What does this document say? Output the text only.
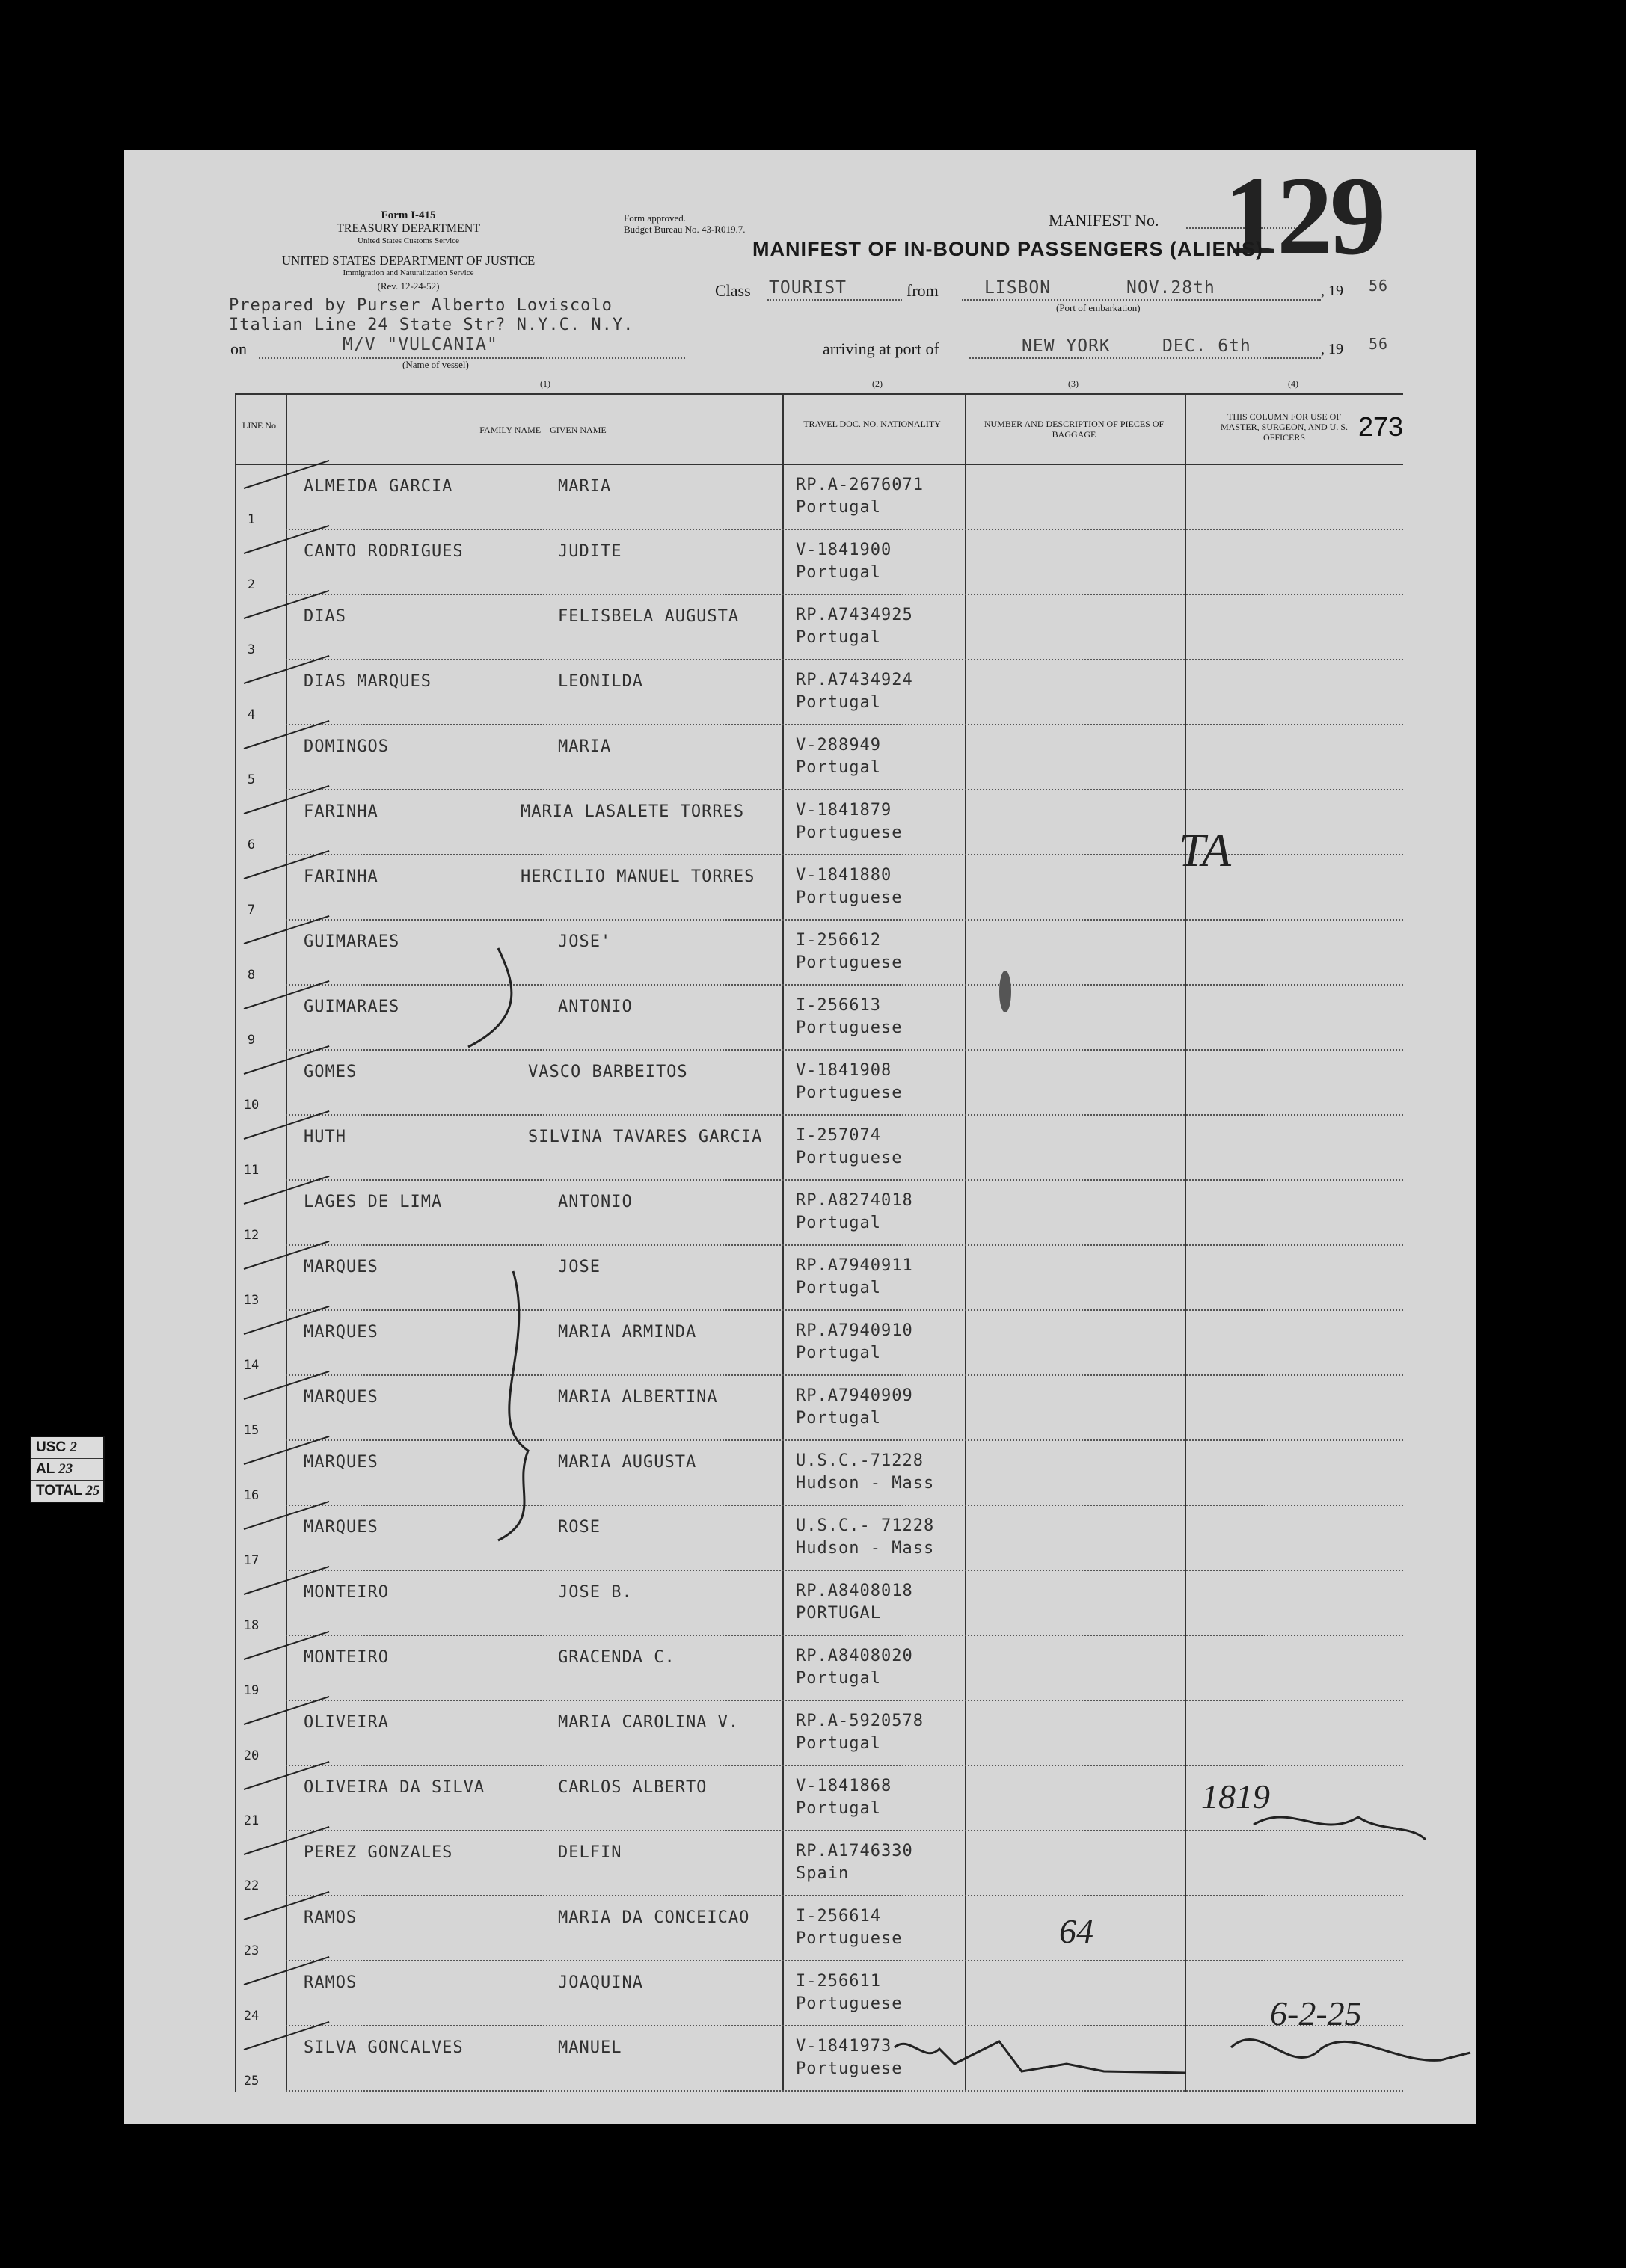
Form I-415
TREASURY DEPARTMENT
United States Customs Service
UNITED STATES DEPARTMENT OF JUSTICE
Immigration and Naturalization Service
(Rev. 12-24-52)
Form approved.
Budget Bureau No. 43-R019.7.	MANIFEST No. 129
MANIFEST OF IN-BOUND PASSENGERS (ALIENS)
Class TOURIST	from	LISBON	NOV.28th	, 19 56
(Port of embarkation)
Prepared by Purser Alberto Loviscolo
Italian Line 24 State Str? N.Y.C. N.Y.
on	M/V "VULCANIA"
(Name of vessel)
arriving at port of	NEW YORK	DEC. 6th	, 19 56
(1)	(2)	(3)	(4)
LINE No.	FAMILY NAME—GIVEN NAME
TRAVEL DOC. NO. NATIONALITY	NUMBER AND DESCRIPTION OF PIECES OF BAGGAGE
THIS COLUMN FOR USE OF MASTER, SURGEON, AND U. S. OFFICERS	273
1
ALMEIDA GARCIA	MARIA	RP.A-2676071
Portugal
2
CANTO RODRIGUES	JUDITE	V-1841900
Portugal
3
DIAS	FELISBELA AUGUSTA	RP.A7434925
Portugal
4
DIAS MARQUES	LEONILDA	RP.A7434924
Portugal
5
DOMINGOS	MARIA	V-288949
Portugal
6
FARINHA	MARIA LASALETE TORRES	V-1841879
Portuguese
7
FARINHA	HERCILIO MANUEL TORRES V-1841880
Portuguese
8
GUIMARAES	JOSE'	I-256612
Portuguese
9
GUIMARAES	ANTONIO	I-256613
Portuguese
10
GOMES	VASCO BARBEITOS	V-1841908
Portuguese
11
HUTH	SILVINA TAVARES GARCIA I-257074
Portuguese
12
LAGES DE LIMA	ANTONIO	RP.A8274018
Portugal
13
MARQUES	JOSE	RP.A7940911
Portugal
14
MARQUES	MARIA ARMINDA	RP.A7940910
Portugal
15
MARQUES	MARIA ALBERTINA	RP.A7940909
Portugal
16
MARQUES	MARIA AUGUSTA	U.S.C.-71228
Hudson - Mass
17
MARQUES	ROSE	U.S.C.- 71228
Hudson - Mass
18
MONTEIRO	JOSE B.	RP.A8408018
PORTUGAL
19
MONTEIRO	GRACENDA C.	RP.A8408020
Portugal
20
OLIVEIRA	MARIA CAROLINA V.	RP.A-5920578
Portugal
21
OLIVEIRA DA SILVA	CARLOS ALBERTO	V-1841868
Portugal
22
PEREZ GONZALES	DELFIN	RP.A1746330
Spain
23
RAMOS	MARIA DA CONCEICAO	I-256614
Portuguese
24
RAMOS	JOAQUINA	I-256611
Portuguese
25
SILVA GONCALVES	MANUEL	V-1841973
Portuguese
TA
1819
64
6-2-25
USC 2
AL 23
TOTAL 25
